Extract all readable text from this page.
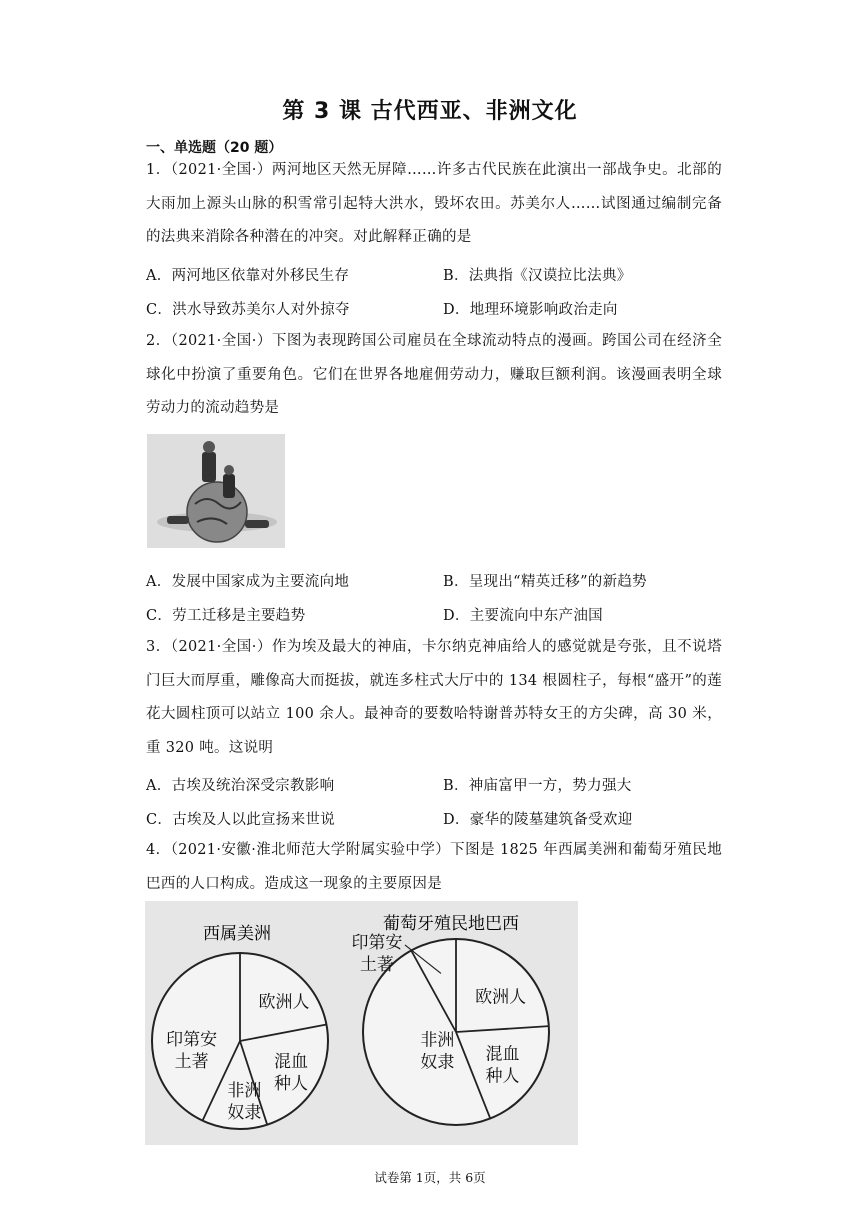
第 3 课 古代西亚、非洲文化
一、单选题（20 题）
1．（2021·全国·）两河地区天然无屏障……许多古代民族在此演出一部战争史。北部的大雨加上源头山脉的积雪常引起特大洪水，毁坏农田。苏美尔人……试图通过编制完备的法典来消除各种潜在的冲突。对此解释正确的是
A．两河地区依靠对外移民生存	B．法典指《汉谟拉比法典》
C．洪水导致苏美尔人对外掠夺	D．地理环境影响政治走向
2．（2021·全国·）下图为表现跨国公司雇员在全球流动特点的漫画。跨国公司在经济全球化中扮演了重要角色。它们在世界各地雇佣劳动力，赚取巨额利润。该漫画表明全球劳动力的流动趋势是
A．发展中国家成为主要流向地	B．呈现出“精英迁移”的新趋势
C．劳工迁移是主要趋势	D．主要流向中东产油国
3．（2021·全国·）作为埃及最大的神庙，卡尔纳克神庙给人的感觉就是夸张，且不说塔门巨大而厚重，雕像高大而挺拔，就连多柱式大厅中的 134 根圆柱子，每根“盛开”的莲花大圆柱顶可以站立 100 余人。最神奇的要数哈特谢普苏特女王的方尖碑，高 30 米，重 320 吨。这说明
A．古埃及统治深受宗教影响	B．神庙富甲一方，势力强大
C．古埃及人以此宣扬来世说	D．豪华的陵墓建筑备受欢迎
4．（2021·安徽·淮北师范大学附属实验中学）下图是 1825 年西属美洲和葡萄牙殖民地巴西的人口构成。造成这一现象的主要原因是
西属美洲	葡萄牙殖民地巴西
欧洲人
混血种人
非洲奴隶
印第安土著
欧洲人
混血种人
非洲奴隶
印第安土著
试卷第 1页，共 6页
